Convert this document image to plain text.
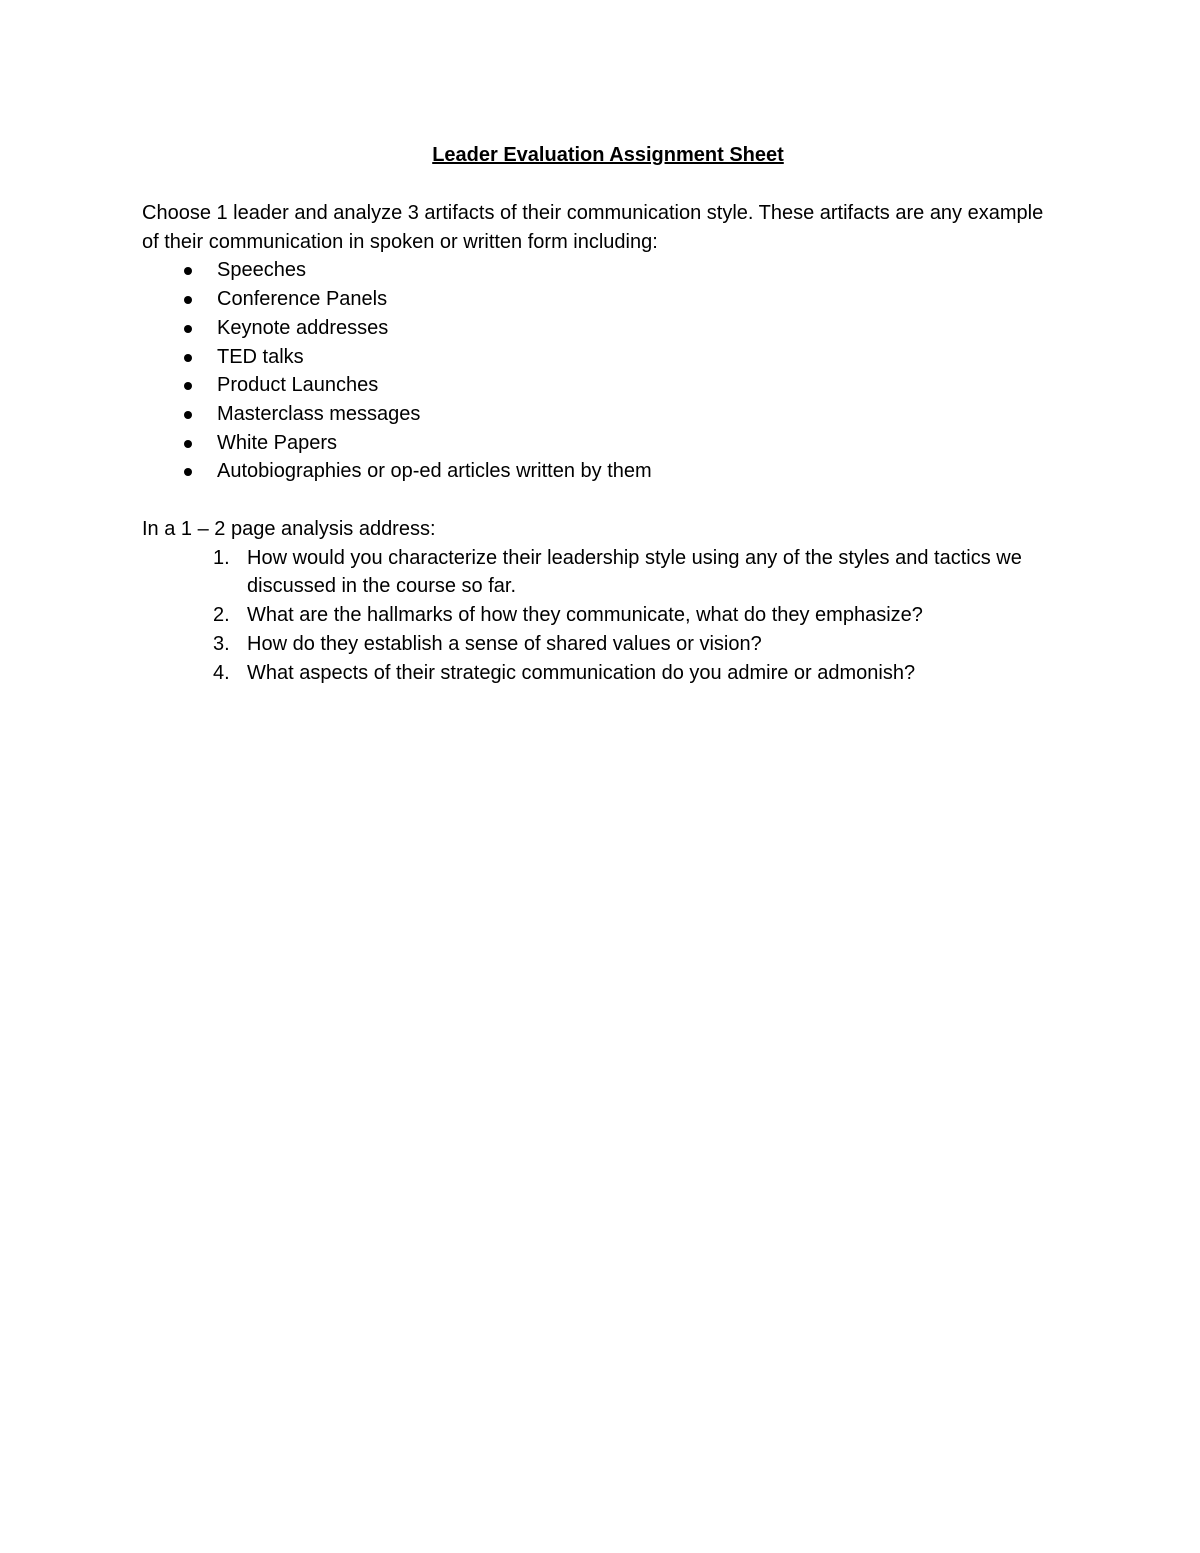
Leader Evaluation Assignment Sheet

Choose 1 leader and analyze 3 artifacts of their communication style. These artifacts are any example of their communication in spoken or written form including:

Speeches
Conference Panels
Keynote addresses
TED talks
Product Launches
Masterclass messages
White Papers
Autobiographies or op-ed articles written by them

In a 1 – 2 page analysis address:

1. How would you characterize their leadership style using any of the styles and tactics we discussed in the course so far.
2. What are the hallmarks of how they communicate, what do they emphasize?
3. How do they establish a sense of shared values or vision?
4. What aspects of their strategic communication do you admire or admonish?
